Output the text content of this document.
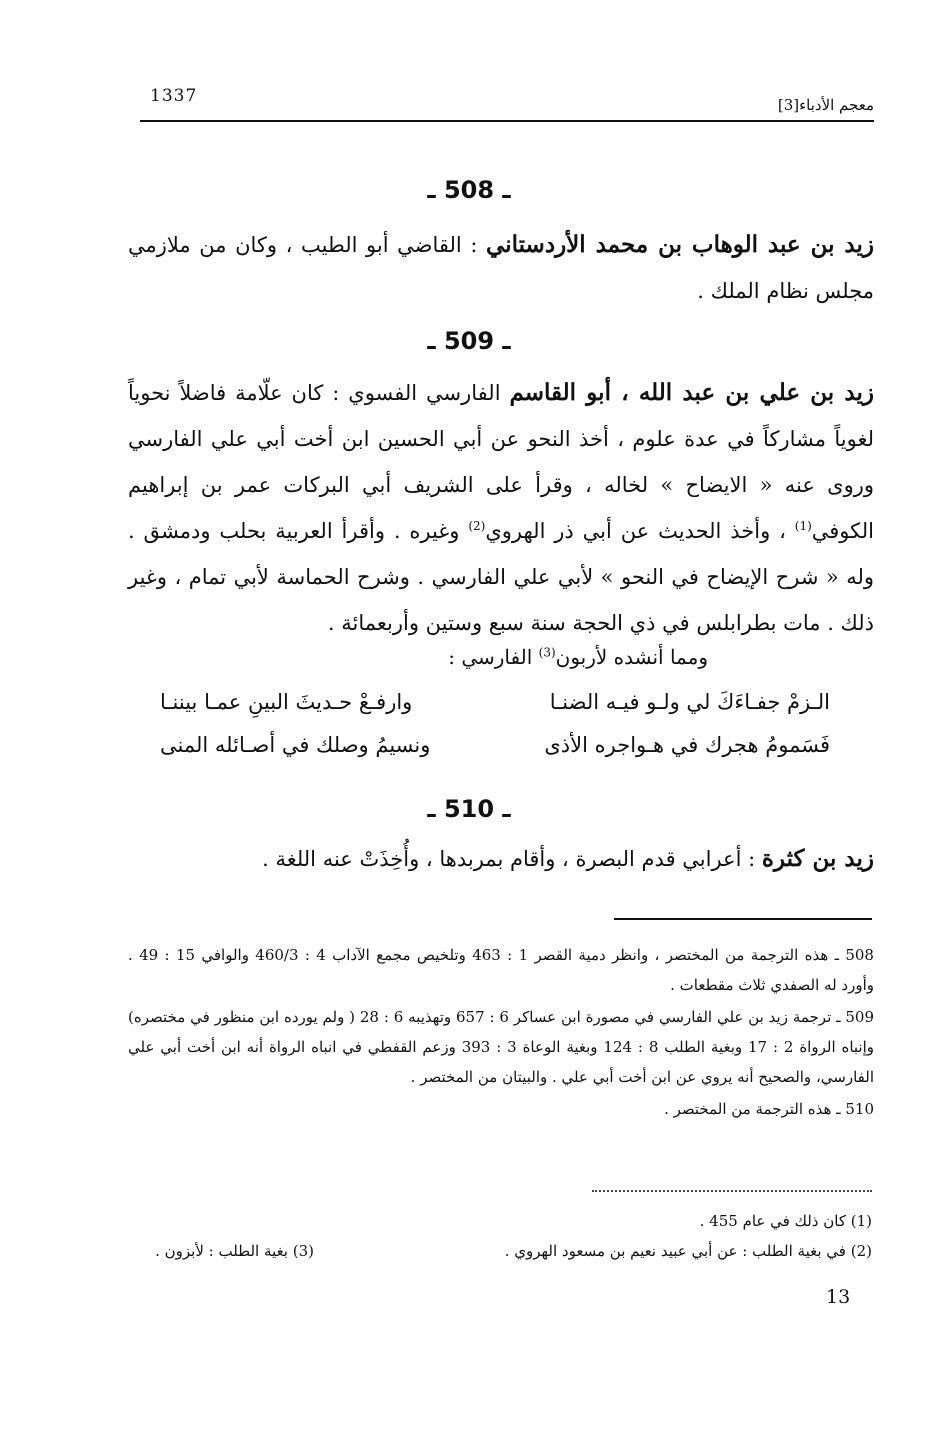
1337	معجم الأدباء[3]
ـ 508 ـ
زيد بن عبد الوهاب بن محمد الأردستاني : القاضي أبو الطيب ، وكان من ملازمي مجلس نظام الملك .
ـ 509 ـ
زيد بن علي بن عبد الله ، أبو القاسم الفارسي الفسوي : كان علّامة فاضلاً نحوياً لغوياً مشاركاً في عدة علوم ، أخذ النحو عن أبي الحسين ابن أخت أبي علي الفارسي وروى عنه « الايضاح » لخاله ، وقرأ على الشريف أبي البركات عمر بن إبراهيم الكوفي$^{(1)}$ ، وأخذ الحديث عن أبي ذر الهروي$^{(2)}$ وغيره . وأقرأ العربية بحلب ودمشق . وله « شرح الإيضاح في النحو » لأبي علي الفارسي . وشرح الحماسة لأبي تمام ، وغير ذلك . مات بطرابلس في ذي الحجة سنة سبع وستين وأربعمائة .
ومما أنشده لأربون$^{(3)}$ الفارسي :
الـزمْ جفـاءَكَ لي ولـو فيـه الضنـا
وارفـعْ حـديثَ البينِ عمـا بيننـا
فَسَمومُ هجرك في هـواجره الأذى
ونسيمُ وصلك في أصـائله المنى
ـ 510 ـ
زيد بن كثرة : أعرابي قدم البصرة ، وأقام بمربدها ، وأُخِذَتْ عنه اللغة .

508 ـ هذه الترجمة من المختصر ، وانظر دمية القصر 1 : 463 وتلخيص مجمع الآداب 4 : 460/3 والوافي 15 : 49 . وأورد له الصفدي ثلاث مقطعات .

509 ـ ترجمة زيد بن علي الفارسي في مصورة ابن عساكر 6 : 657 وتهذيبه 6 : 28 ( ولم يورده ابن منظور في مختصره) وإنباه الرواة 2 : 17 وبغية الطلب 8 : 124 وبغية الوعاة 3 : 393 وزعم القفطي في انباه الرواة أنه ابن أخت أبي علي الفارسي، والصحيح أنه يروي عن ابن أخت أبي علي . والبيتان من المختصر .

510 ـ هذه الترجمة من المختصر .

(1) كان ذلك في عام 455 .
(2) في بغية الطلب : عن أبي عبيد نعيم بن مسعود الهروي .
(3) بغية الطلب : لأبزون .
13
